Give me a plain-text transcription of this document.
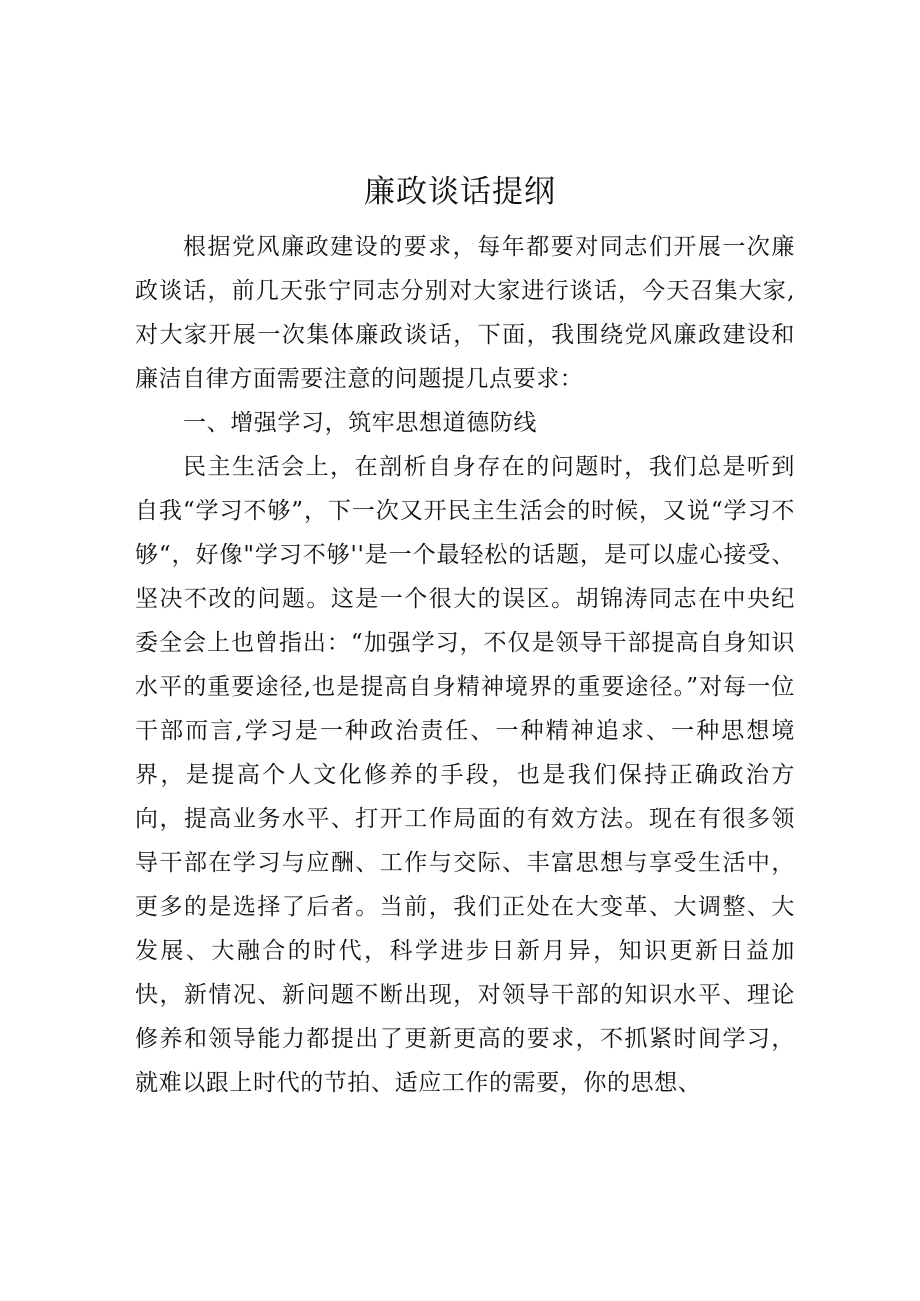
廉政谈话提纲

根据党风廉政建设的要求，每年都要对同志们开展一次廉政谈话，前几天张宁同志分别对大家进行谈话，今天召集大家,对大家开展一次集体廉政谈话，下面，我围绕党风廉政建设和廉洁自律方面需要注意的问题提几点要求：

一、增强学习，筑牢思想道德防线

民主生活会上，在剖析自身存在的问题时，我们总是听到自我“学习不够”，下一次又开民主生活会的时候，又说“学习不够“，好像"学习不够''是一个最轻松的话题，是可以虚心接受、坚决不改的问题。这是一个很大的误区。胡锦涛同志在中央纪委全会上也曾指出：“加强学习，不仅是领导干部提高自身知识水平的重要途径,也是提高自身精神境界的重要途径。”对每一位干部而言,学习是一种政治责任、一种精神追求、一种思想境界，是提高个人文化修养的手段，也是我们保持正确政治方向，提高业务水平、打开工作局面的有效方法。现在有很多领导干部在学习与应酬、工作与交际、丰富思想与享受生活中，更多的是选择了后者。当前，我们正处在大变革、大调整、大发展、大融合的时代，科学进步日新月异，知识更新日益加快，新情况、新问题不断出现，对领导干部的知识水平、理论修养和领导能力都提出了更新更高的要求，不抓紧时间学习，就难以跟上时代的节拍、适应工作的需要，你的思想、
